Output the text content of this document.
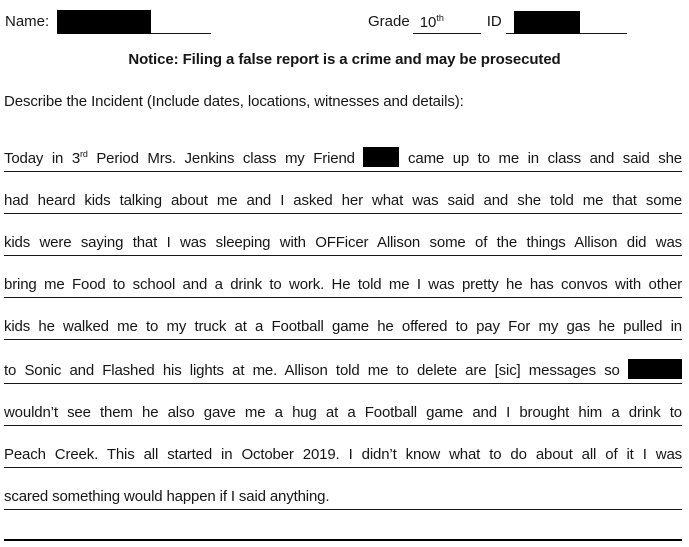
Name:	Grade 10th	ID
Notice: Filing a false report is a crime and may be prosecuted
Describe the Incident (Include dates, locations, witnesses and details):
Today in 3rd Period Mrs. Jenkins class my Friend  came up to me in class and said she
had heard kids talking about me and I asked her what was said and she told me that some
kids were saying that I was sleeping with OFFicer Allison some of the things Allison did was
bring me Food to school and a drink to work. He told me I was pretty he has convos with other
kids he walked me to my truck at a Football game he offered to pay For my gas he pulled in
to Sonic and Flashed his lights at me. Allison told me to delete are [sic] messages so
wouldn’t see them he also gave me a hug at a Football game and I brought him a drink to
Peach Creek. This all started in October 2019. I didn’t know what to do about all of it I was
scared something would happen if I said anything.
